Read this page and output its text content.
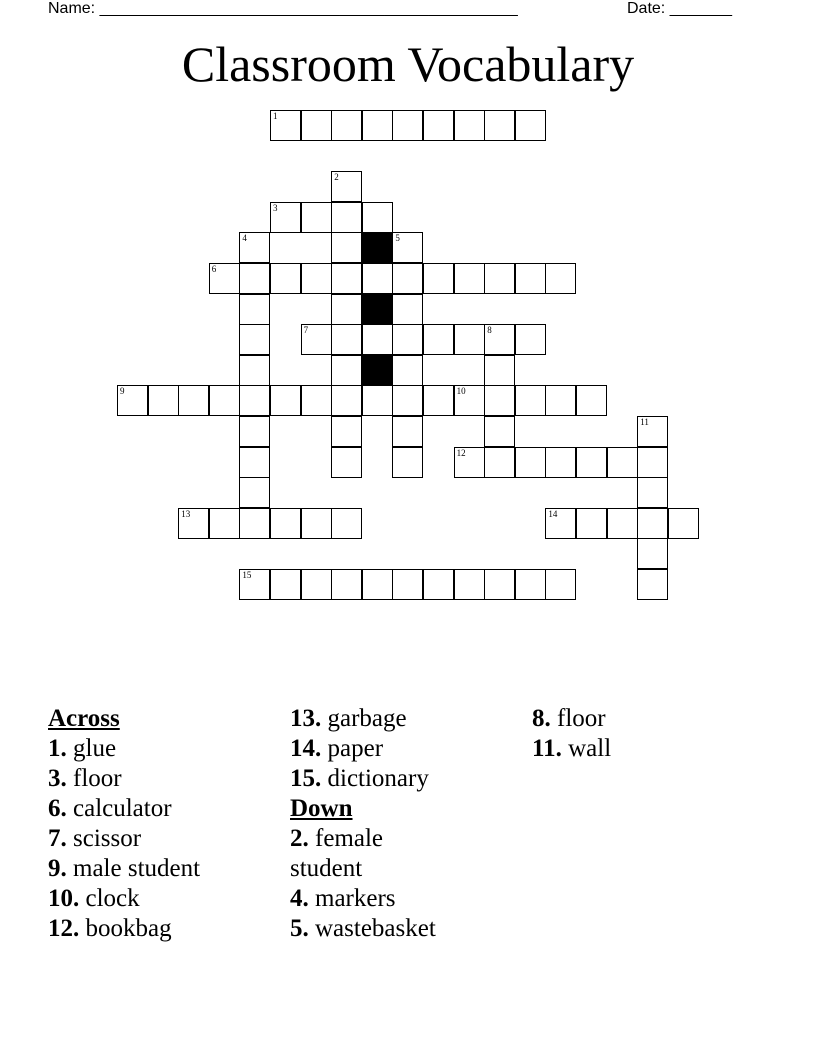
Name: _______________________________________________	Date: _______
Classroom Vocabulary
1
2
3
4	5
6
7	8
9	10
11
12
13	14
15
Across
1. glue
3. floor
6. calculator
7. scissor
9. male student
10. clock
12. bookbag
13. garbage
14. paper
15. dictionary
Down
2. female student
4. markers
5. wastebasket
8. floor
11. wall
